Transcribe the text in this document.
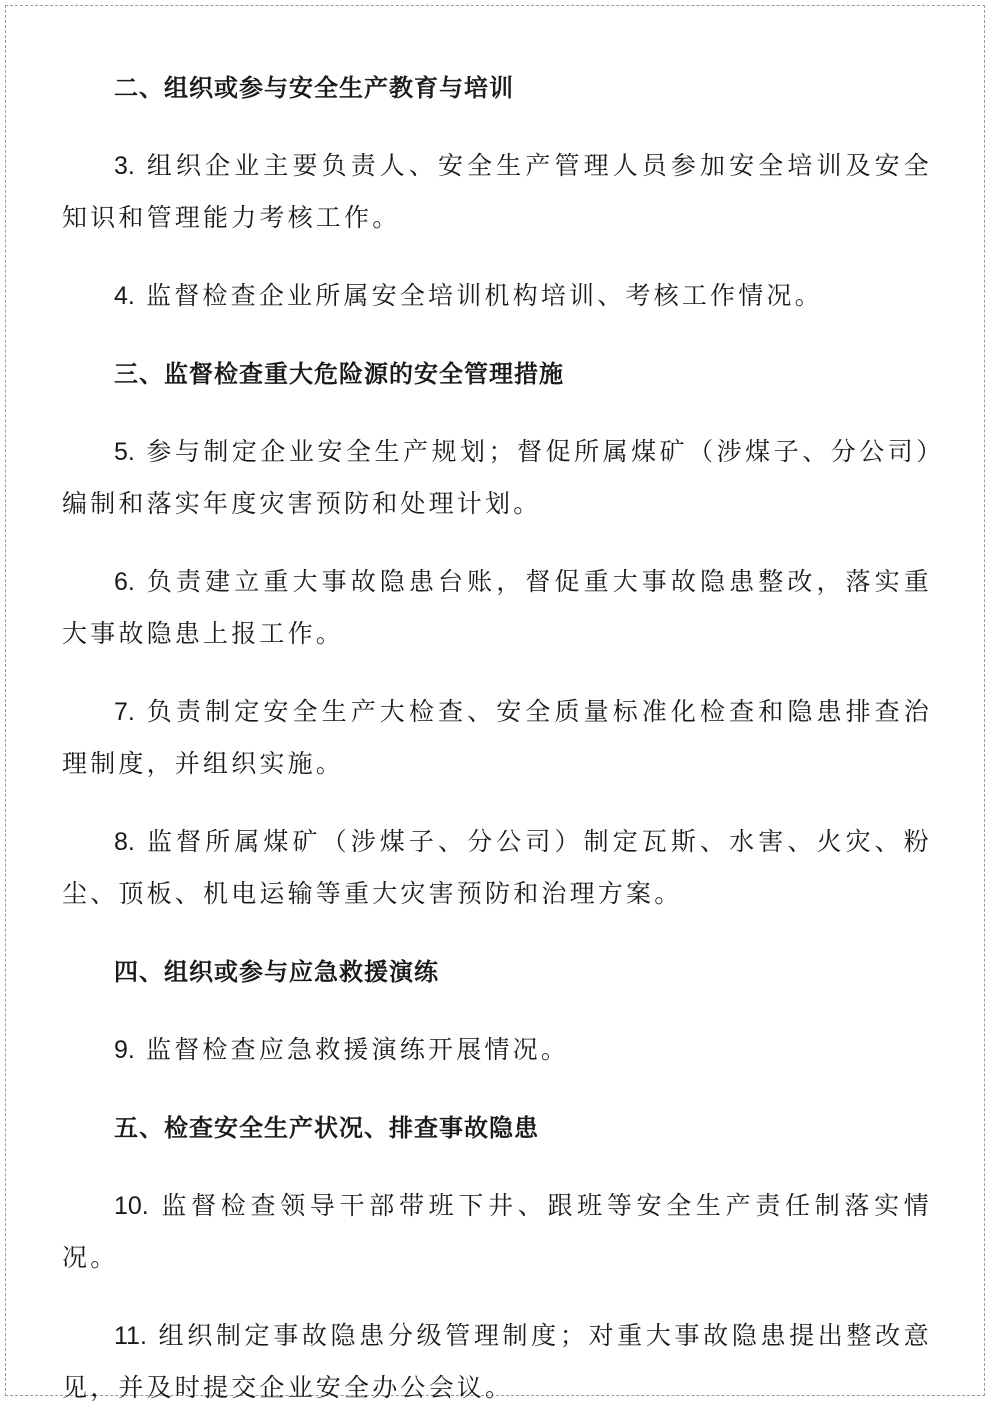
二、组织或参与安全生产教育与培训

3. 组织企业主要负责人、安全生产管理人员参加安全培训及安全知识和管理能力考核工作。

4. 监督检查企业所属安全培训机构培训、考核工作情况。

三、监督检查重大危险源的安全管理措施

5. 参与制定企业安全生产规划；督促所属煤矿（涉煤子、分公司）编制和落实年度灾害预防和处理计划。

6. 负责建立重大事故隐患台账，督促重大事故隐患整改，落实重大事故隐患上报工作。

7. 负责制定安全生产大检查、安全质量标准化检查和隐患排查治理制度，并组织实施。

8. 监督所属煤矿（涉煤子、分公司）制定瓦斯、水害、火灾、粉尘、顶板、机电运输等重大灾害预防和治理方案。

四、组织或参与应急救援演练

9. 监督检查应急救援演练开展情况。

五、检查安全生产状况、排查事故隐患

10. 监督检查领导干部带班下井、跟班等安全生产责任制落实情况。

11. 组织制定事故隐患分级管理制度；对重大事故隐患提出整改意见，并及时提交企业安全办公会议。
